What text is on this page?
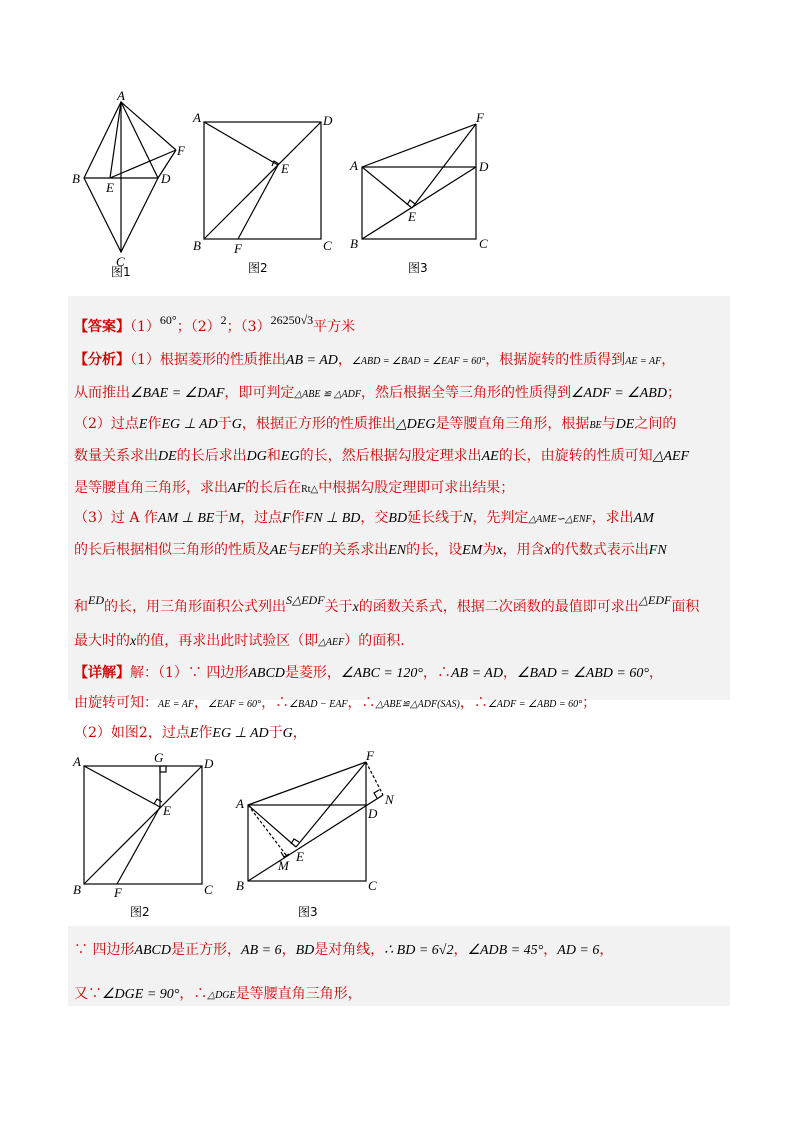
A
B
C
D
E
F
图1
A
B	C
D
E
F
图2
A
B	C
D
E
F
图3
【答案】（1）60°；（2）2；（3）26250√3平方米
【分析】（1）根据菱形的性质推出AB = AD，∠ABD = ∠BAD = ∠EAF = 60°，根据旋转的性质得到AE = AF，
从而推出∠BAE = ∠DAF，即可判定△ABE ≌ △ADF，然后根据全等三角形的性质得到∠ADF = ∠ABD；
（2）过点E作EG ⊥ AD于G，根据正方形的性质推出△DEG是等腰直角三角形，根据BE与DE之间的
数量关系求出DE的长后求出DG和EG的长，然后根据勾股定理求出AE的长，由旋转的性质可知△AEF
是等腰直角三角形，求出AF的长后在Rt△中根据勾股定理即可求出结果；
（3）过 A 作AM ⊥ BE于M，过点F作FN ⊥ BD，交BD延长线于N，先判定△AME∽△ENF，求出AM
的长后根据相似三角形的性质及AE与EF的关系求出EN的长，设EM为x，用含x的代数式表示出FN
和ED的长，用三角形面积公式列出S△EDF关于x的函数关系式，根据二次函数的最值即可求出△EDF面积
最大时的x的值，再求出此时试验区（即△AEF）的面积.
【详解】解：（1）∵ 四边形ABCD是菱形，∠ABC = 120°，∴AB = AD，∠BAD = ∠ABD = 60°，
由旋转可知：AE = AF，∠EAF = 60°，∴∠BAD − EAF，∴△ABE≌△ADF(SAS)，∴∠ADF = ∠ABD = 60°；
（2）如图2，过点E作EG ⊥ AD于G，
A
B	C
D
E
F
G
图2
A
B	C
D
E
F
M
N
图3
∵ 四边形ABCD是正方形，AB = 6，BD是对角线，∴ BD = 6√2，∠ADB = 45°，AD = 6，
又∵∠DGE = 90°，∴△DGE是等腰直角三角形，
